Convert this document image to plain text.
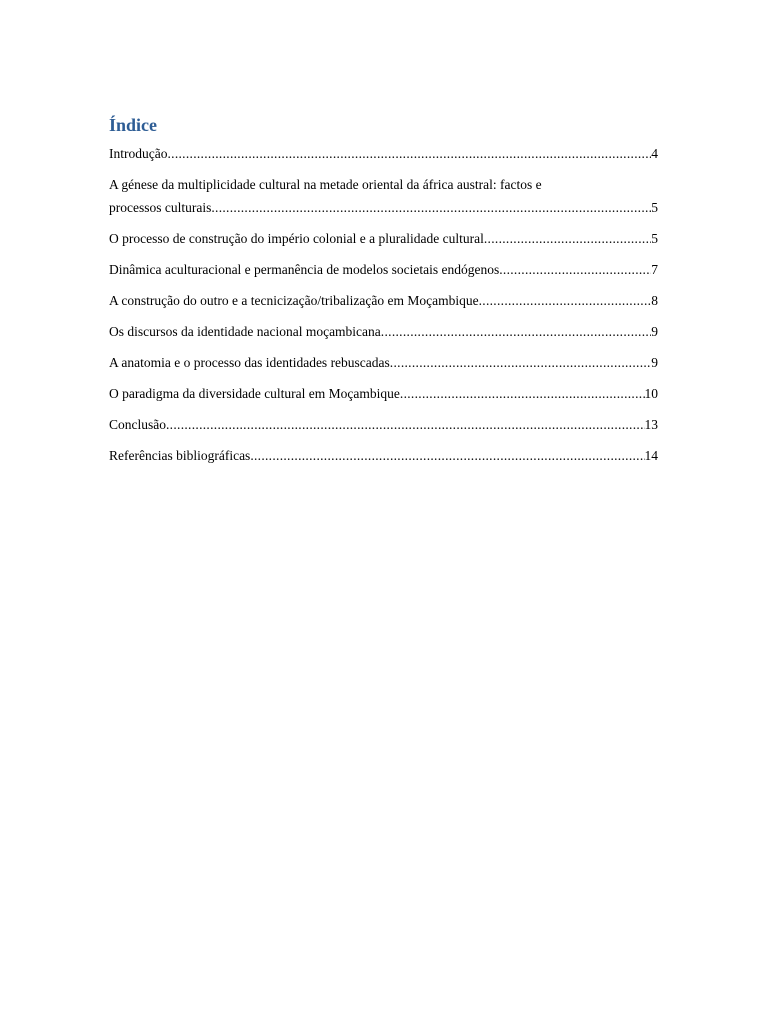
Índice
Introdução .....	4
A génese da multiplicidade cultural na metade oriental da áfrica austral: factos e
processos culturais .....	5
O processo de construção do império colonial e a pluralidade cultural .....	5
Dinâmica aculturacional e permanência de modelos societais endógenos .....	7
A construção do outro e a tecnicização/tribalização em Moçambique .....	8
Os discursos da identidade nacional moçambicana .....	9
A anatomia e o processo das identidades rebuscadas .....	9
O paradigma da diversidade cultural em Moçambique .....	10
Conclusão .....	13
Referências bibliográficas .....	14
